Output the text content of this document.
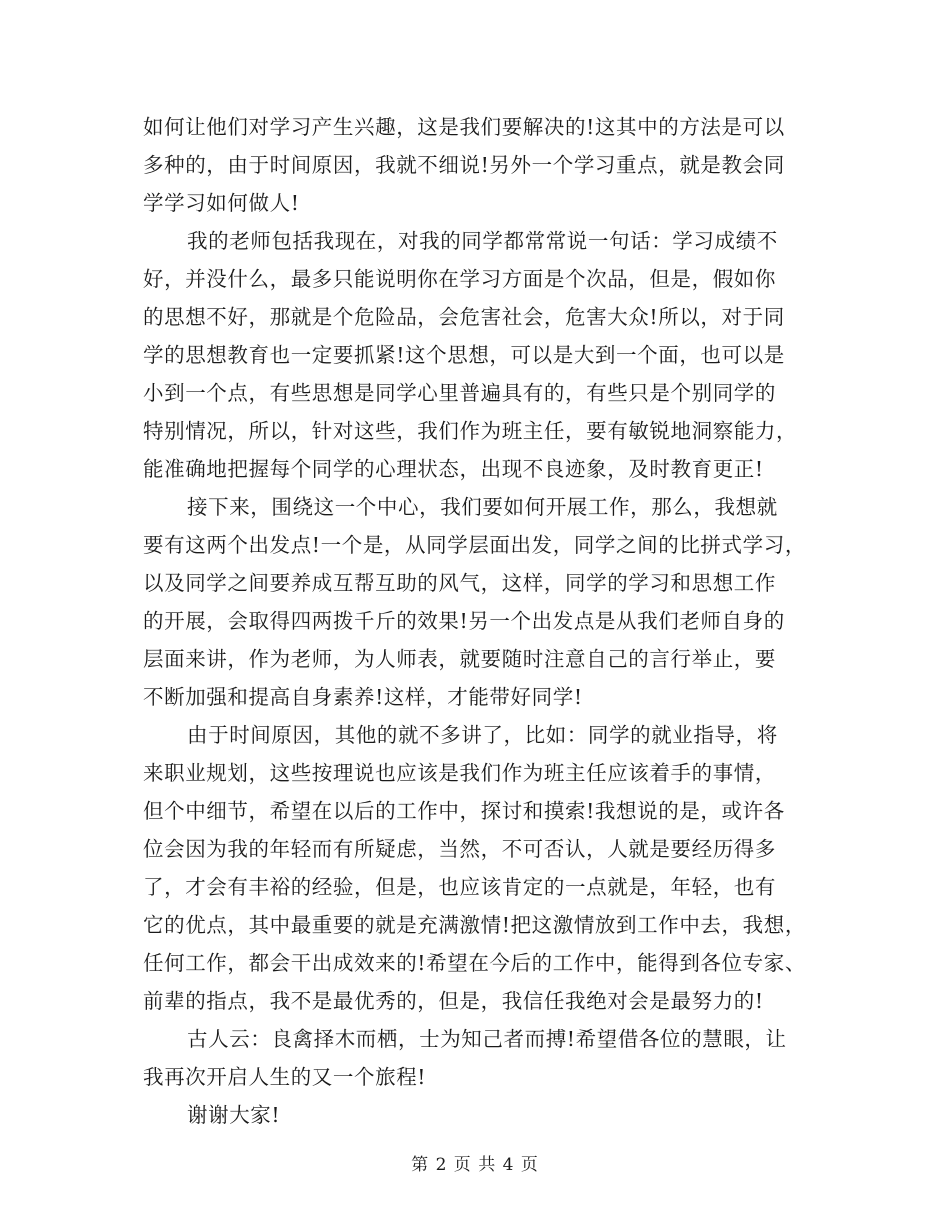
如何让他们对学习产生兴趣，这是我们要解决的!这其中的方法是可以
多种的，由于时间原因，我就不细说!另外一个学习重点，就是教会同
学学习如何做人!
我的老师包括我现在，对我的同学都常常说一句话：学习成绩不
好，并没什么，最多只能说明你在学习方面是个次品，但是，假如你
的思想不好，那就是个危险品，会危害社会，危害大众!所以，对于同
学的思想教育也一定要抓紧!这个思想，可以是大到一个面，也可以是
小到一个点，有些思想是同学心里普遍具有的，有些只是个别同学的
特别情况，所以，针对这些，我们作为班主任，要有敏锐地洞察能力，
能准确地把握每个同学的心理状态，出现不良迹象，及时教育更正!
接下来，围绕这一个中心，我们要如何开展工作，那么，我想就
要有这两个出发点!一个是，从同学层面出发，同学之间的比拼式学习，
以及同学之间要养成互帮互助的风气，这样，同学的学习和思想工作
的开展，会取得四两拨千斤的效果!另一个出发点是从我们老师自身的
层面来讲，作为老师，为人师表，就要随时注意自己的言行举止，要
不断加强和提高自身素养!这样，才能带好同学!
由于时间原因，其他的就不多讲了，比如：同学的就业指导，将
来职业规划，这些按理说也应该是我们作为班主任应该着手的事情，
但个中细节，希望在以后的工作中，探讨和摸索!我想说的是，或许各
位会因为我的年轻而有所疑虑，当然，不可否认，人就是要经历得多
了，才会有丰裕的经验，但是，也应该肯定的一点就是，年轻，也有
它的优点，其中最重要的就是充满激情!把这激情放到工作中去，我想，
任何工作，都会干出成效来的!希望在今后的工作中，能得到各位专家、
前辈的指点，我不是最优秀的，但是，我信任我绝对会是最努力的!
古人云：良禽择木而栖，士为知己者而搏!希望借各位的慧眼，让
我再次开启人生的又一个旅程!
谢谢大家!
第 2 页 共 4 页
